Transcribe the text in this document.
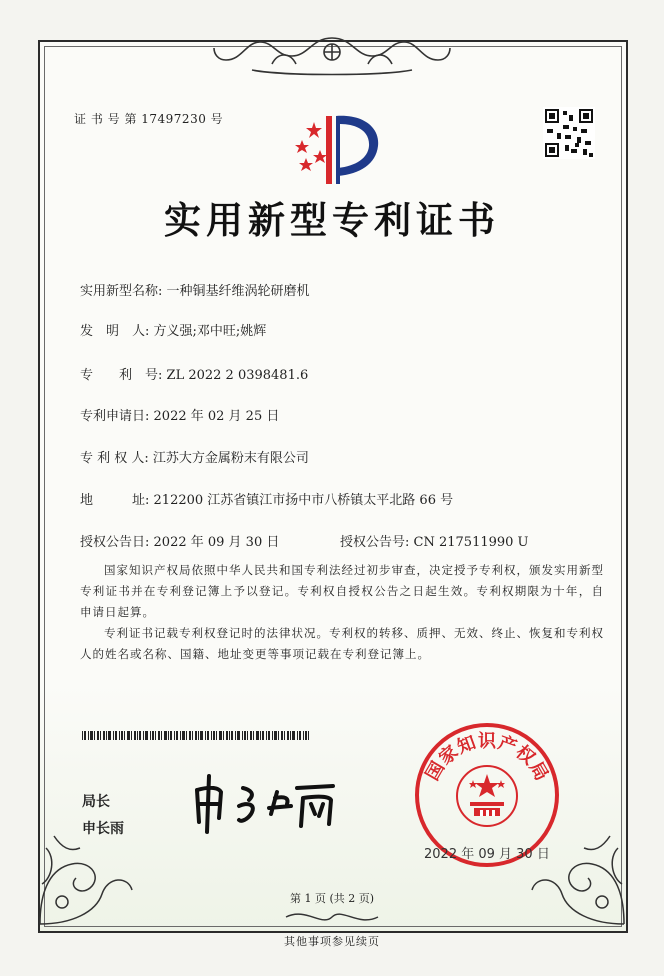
证 书 号 第 17497230 号
实用新型专利证书
实用新型名称: 一种铜基纤维涡轮研磨机
发　明　人: 方义强;邓中旺;姚辉
专　　利　号: ZL 2022 2 0398481.6
专利申请日: 2022 年 02 月 25 日
专 利 权 人: 江苏大方金属粉末有限公司
地　　　址: 212200 江苏省镇江市扬中市八桥镇太平北路 66 号
授权公告日: 2022 年 09 月 30 日	授权公告号: CN 217511990 U
国家知识产权局依照中华人民共和国专利法经过初步审查，决定授予专利权，颁发实用新型专利证书并在专利登记簿上予以登记。专利权自授权公告之日起生效。专利权期限为十年，自申请日起算。
专利证书记载专利权登记时的法律状况。专利权的转移、质押、无效、终止、恢复和专利权人的姓名或名称、国籍、地址变更等事项记载在专利登记簿上。
局长
申长雨
国
家
知 识 产
权
局
2022 年 09 月 30 日
第 1 页 (共 2 页)
其他事项参见续页
